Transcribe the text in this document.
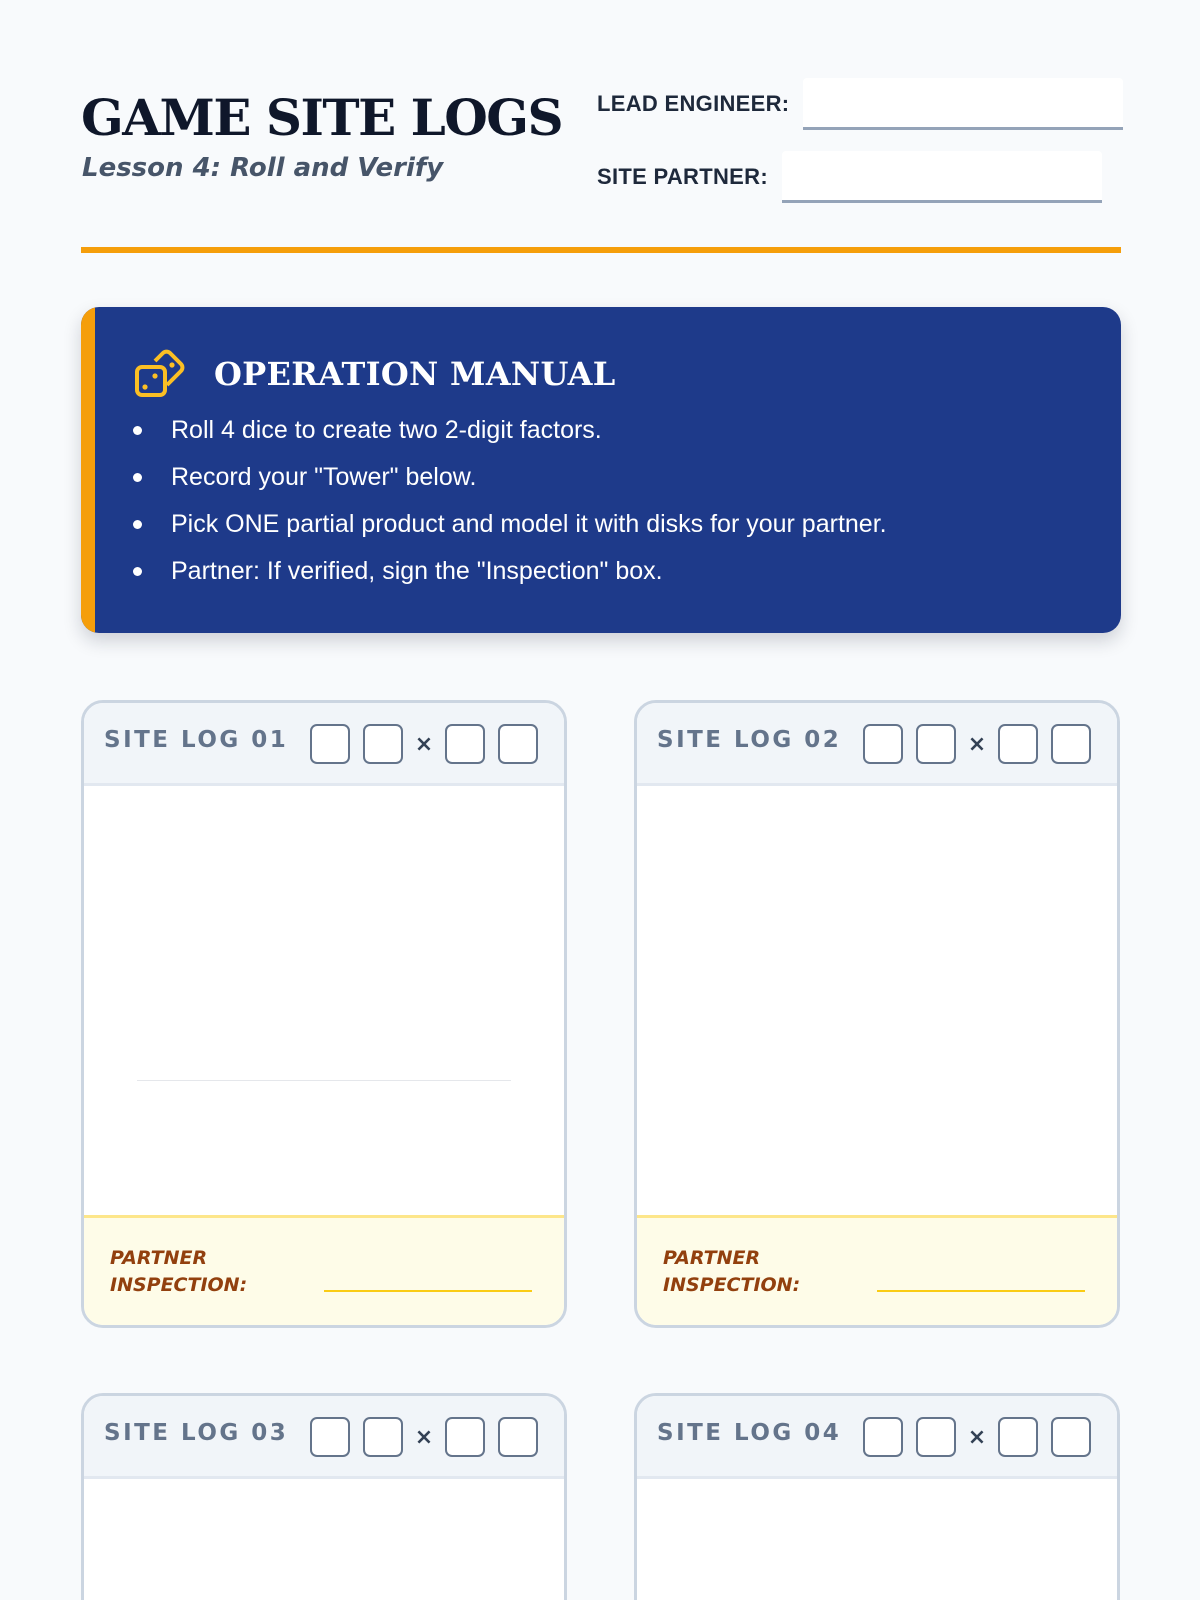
GAME SITE LOGS
Lesson 4: Roll and Verify
LEAD ENGINEER:
SITE PARTNER:
OPERATION MANUAL
Roll 4 dice to create two 2-digit factors.
Record your "Tower" below.
Pick ONE partial product and model it with disks for your partner.
Partner: If verified, sign the "Inspection" box.
SITE LOG 01	×
PARTNER INSPECTION:
SITE LOG 02	×
PARTNER INSPECTION:
SITE LOG 03	×	SITE LOG 04	×
